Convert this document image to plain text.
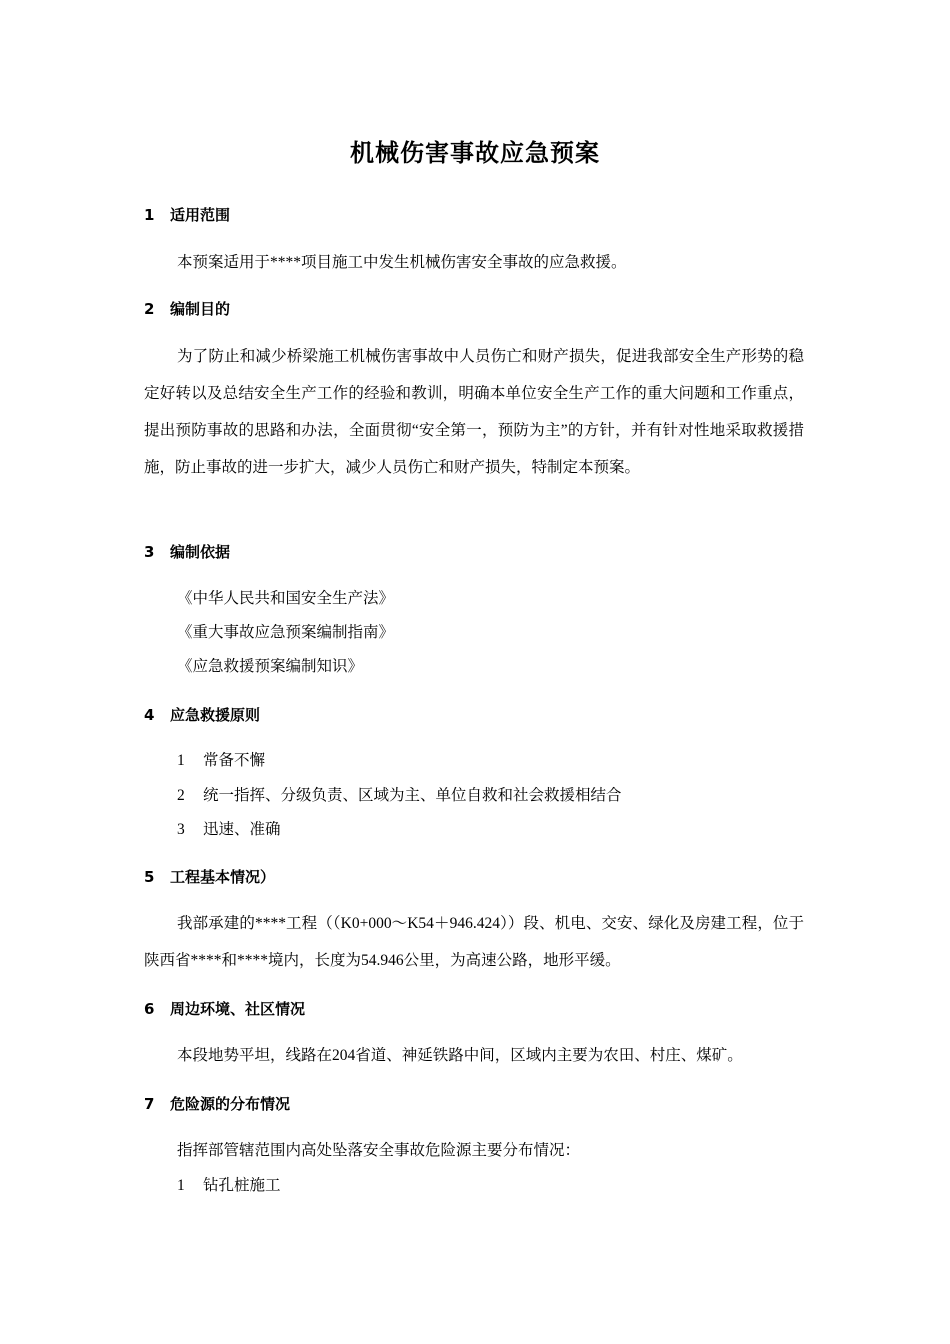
机械伤害事故应急预案
1 适用范围
本预案适用于****项目施工中发生机械伤害安全事故的应急救援。
2 编制目的
为了防止和减少桥梁施工机械伤害事故中人员伤亡和财产损失，促进我部安全生产形势的稳定好转以及总结安全生产工作的经验和教训，明确本单位安全生产工作的重大问题和工作重点，提出预防事故的思路和办法，全面贯彻“安全第一，预防为主”的方针，并有针对性地采取救援措施，防止事故的进一步扩大，减少人员伤亡和财产损失，特制定本预案。
3 编制依据
《中华人民共和国安全生产法》
《重大事故应急预案编制指南》
《应急救援预案编制知识》
4 应急救援原则
1 常备不懈
2 统一指挥、分级负责、区域为主、单位自救和社会救援相结合
3 迅速、准确
5 工程基本情况）
我部承建的****工程（（K0+000～K54＋946.424））段、机电、交安、绿化及房建工程，位于陕西省****和****境内，长度为54.946公里，为高速公路，地形平缓。
6 周边环境、社区情况
本段地势平坦，线路在204省道、神延铁路中间，区域内主要为农田、村庄、煤矿。
7 危险源的分布情况
指挥部管辖范围内高处坠落安全事故危险源主要分布情况：
1 钻孔桩施工
